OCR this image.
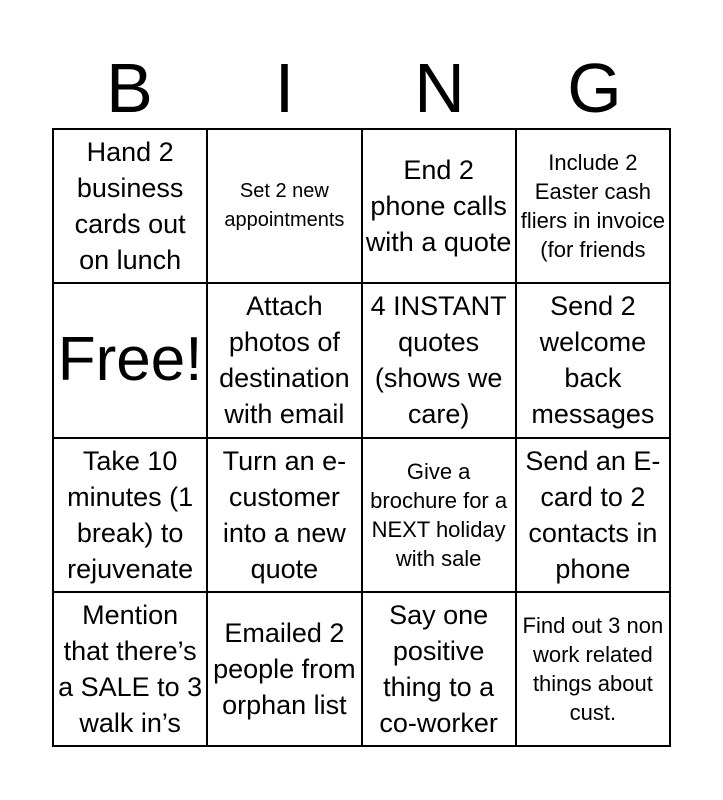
B	I	N	G
Hand 2 business cards out on lunch
Set 2 new appointments
End 2 phone calls with a quote
Include 2 Easter cash fliers in invoice (for friends
Free!
Attach photos of destination with email
4 INSTANT quotes (shows we care)
Send 2 welcome back messages
Take 10 minutes (1 break) to rejuvenate
Turn an e-customer into a new quote
Give a brochure for a NEXT holiday with sale
Send an E-card to 2 contacts in phone
Mention that there’s a SALE to 3 walk in’s
Emailed 2 people from orphan list
Say one positive thing to a co-worker
Find out 3 non work related things about cust.
